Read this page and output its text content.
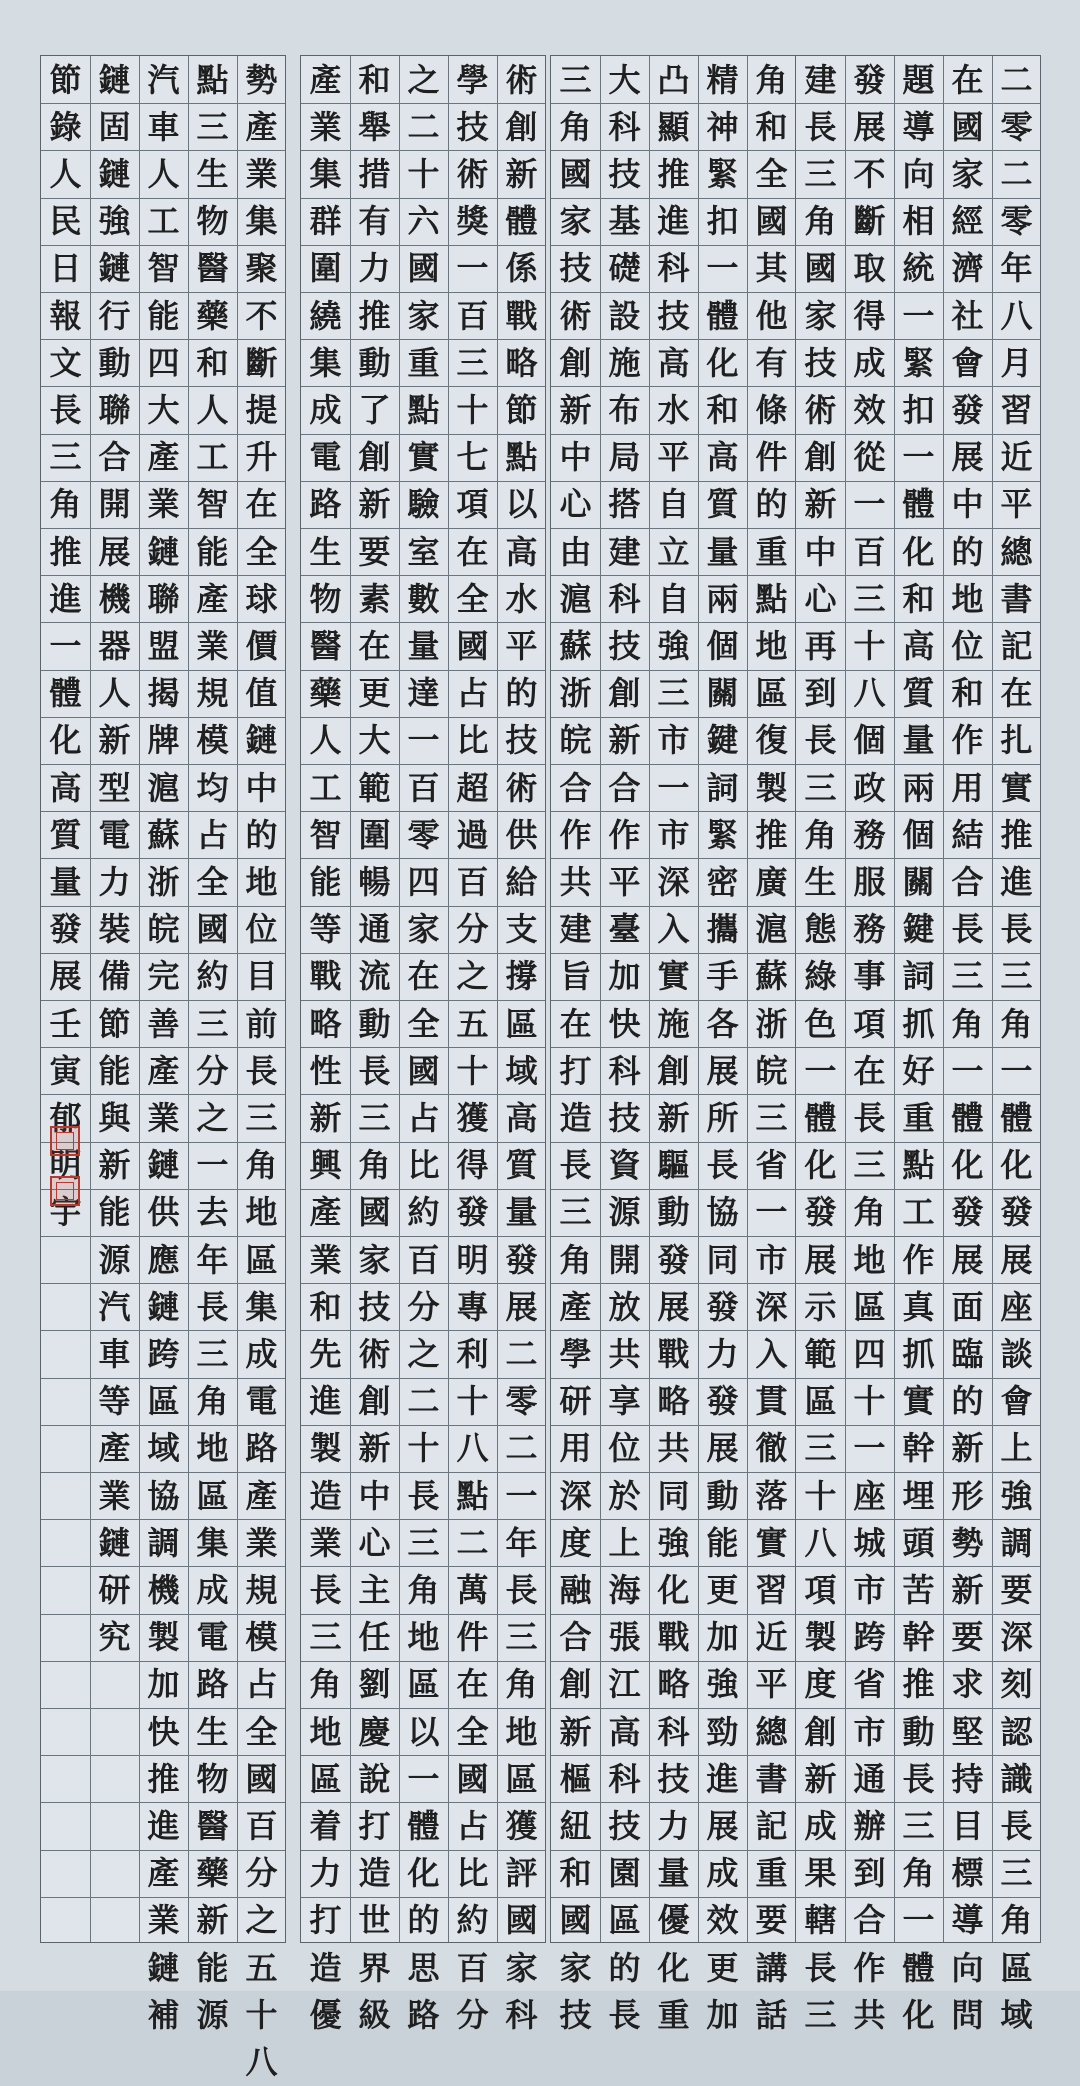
二
零
二
零
年
八
月
習
近
平
總
書
記
在
扎
實
推
進
長
三
角
一
體
化
發
展
座
談
會
上
強
調
要
深
刻
認
識
長
三
角
區
域
在
國
家
經
濟
社
會
發
展
中
的
地
位
和
作
用
結
合
長
三
角
一
體
化
發
展
面
臨
的
新
形
勢
新
要
求
堅
持
目
標
導
向
問
題
導
向
相
統
一
緊
扣
一
體
化
和
高
質
量
兩
個
關
鍵
詞
抓
好
重
點
工
作
真
抓
實
幹
埋
頭
苦
幹
推
動
長
三
角
一
體
化
發
展
不
斷
取
得
成
效
從
一
百
三
十
八
個
政
務
服
務
事
項
在
長
三
角
地
區
四
十
一
座
城
市
跨
省
市
通
辦
到
合
作
共
建
長
三
角
國
家
技
術
創
新
中
心
再
到
長
三
角
生
態
綠
色
一
體
化
發
展
示
範
區
三
十
八
項
製
度
創
新
成
果
轄
長
三
角
和
全
國
其
他
有
條
件
的
重
點
地
區
復
製
推
廣
滬
蘇
浙
皖
三
省
一
市
深
入
貫
徹
落
實
習
近
平
總
書
記
重
要
講
話
精
神
緊
扣
一
體
化
和
高
質
量
兩
個
關
鍵
詞
緊
密
攜
手
各
展
所
長
協
同
發
力
發
展
動
能
更
加
強
勁
進
展
成
效
更
加
凸
顯
推
進
科
技
高
水
平
自
立
自
強
三
市
一
市
深
入
實
施
創
新
驅
動
發
展
戰
略
共
同
強
化
戰
略
科
技
力
量
優
化
重
大
科
技
基
礎
設
施
布
局
搭
建
科
技
創
新
合
作
平
臺
加
快
科
技
資
源
開
放
共
享
位
於
上
海
張
江
高
科
技
園
區
的
長
三
角
國
家
技
術
創
新
中
心
由
滬
蘇
浙
皖
合
作
共
建
旨
在
打
造
長
三
角
產
學
研
用
深
度
融
合
創
新
樞
紐
和
國
家
技
術
創
新
體
係
戰
略
節
點
以
高
水
平
的
技
術
供
給
支
撐
區
域
高
質
量
發
展
二
零
二
一
年
長
三
角
地
區
獲
評
國
家
科
學
技
術
獎
一
百
三
十
七
項
在
全
國
占
比
超
過
百
分
之
五
十
獲
得
發
明
專
利
十
八
點
二
萬
件
在
全
國
占
比
約
百
分
之
二
十
六
國
家
重
點
實
驗
室
數
量
達
一
百
零
四
家
在
全
國
占
比
約
百
分
之
二
十
長
三
角
地
區
以
一
體
化
的
思
路
和
舉
措
有
力
推
動
了
創
新
要
素
在
更
大
範
圍
暢
通
流
動
長
三
角
國
家
技
術
創
新
中
心
主
任
劉
慶
說
打
造
世
界
級
產
業
集
群
圍
繞
集
成
電
路
生
物
醫
藥
人
工
智
能
等
戰
略
性
新
興
產
業
和
先
進
製
造
業
長
三
角
地
區
着
力
打
造
優
勢
產
業
集
聚
不
斷
提
升
在
全
球
價
值
鏈
中
的
地
位
目
前
長
三
角
地
區
集
成
電
路
產
業
規
模
占
全
國
百
分
之
五
十
八
點
三
生
物
醫
藥
和
人
工
智
能
產
業
規
模
均
占
全
國
約
三
分
之
一
去
年
長
三
角
地
區
集
成
電
路
生
物
醫
藥
新
能
源
汽
車
人
工
智
能
四
大
產
業
鏈
聯
盟
揭
牌
滬
蘇
浙
皖
完
善
產
業
鏈
供
應
鏈
跨
區
域
協
調
機
製
加
快
推
進
產
業
鏈
補
鏈
固
鏈
強
鏈
行
動
聯
合
開
展
機
器
人
新
型
電
力
裝
備
節
能
與
新
能
源
汽
車
等
產
業
鏈
研
究
節
錄
人
民
日
報
文
長
三
角
推
進
一
體
化
高
質
量
發
展
壬
寅
郁
明
宇
